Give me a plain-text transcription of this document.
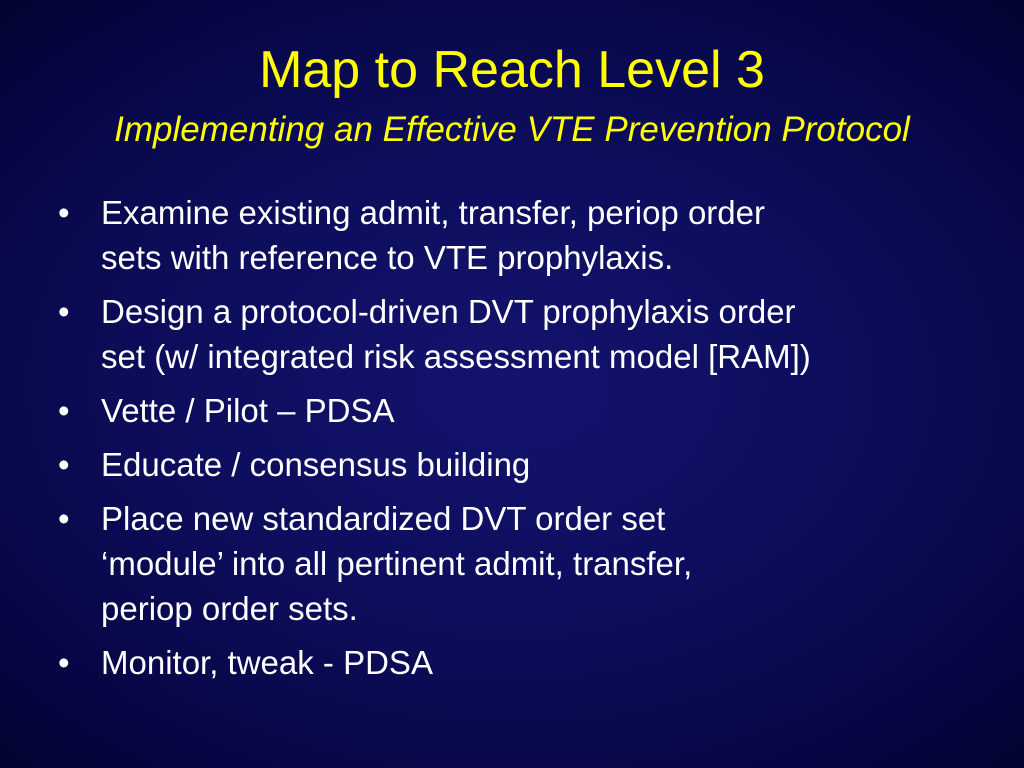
Map to Reach Level 3
Implementing an Effective VTE Prevention Protocol
• Examine existing admit, transfer, periop order
sets with reference to VTE prophylaxis.
• Design a protocol-driven DVT prophylaxis order
set (w/ integrated risk assessment model [RAM])
• Vette / Pilot – PDSA
• Educate / consensus building
• Place new standardized DVT order set
‘module’ into all pertinent admit, transfer,
periop order sets.
• Monitor, tweak - PDSA
